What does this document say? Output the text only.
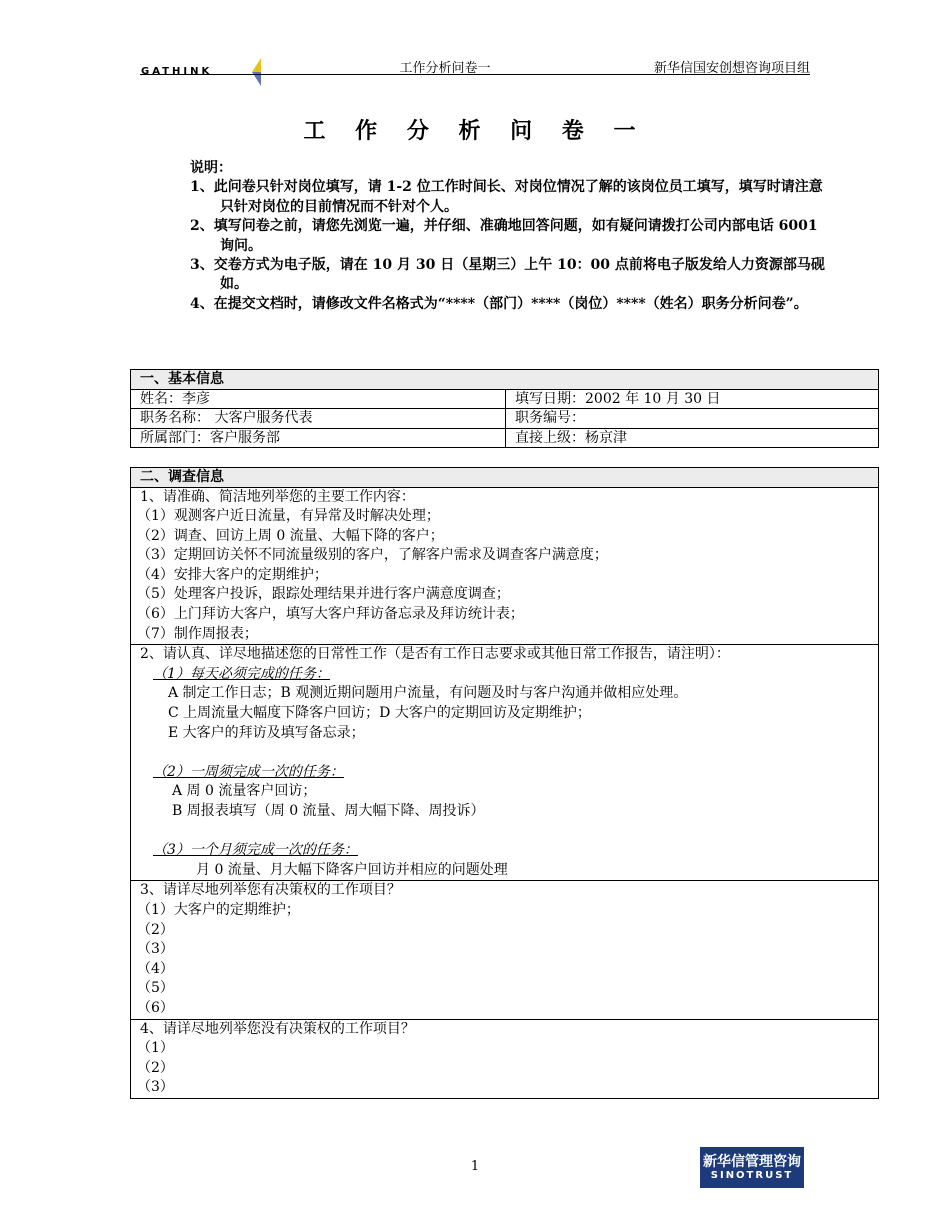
GATHINK	工作分析问卷一	新华信国安创想咨询项目组
工 作 分 析 问 卷 一
说明：
1、此问卷只针对岗位填写，请 1-2 位工作时间长、对岗位情况了解的该岗位员工填写，填写时请注意只针对岗位的目前情况而不针对个人。
2、填写问卷之前，请您先浏览一遍，并仔细、准确地回答问题，如有疑问请拨打公司内部电话 6001 询问。
3、交卷方式为电子版，请在 10 月 30 日（星期三）上午 10：00 点前将电子版发给人力资源部马砚如。
4、在提交文档时，请修改文件名格式为“****（部门）****（岗位）****（姓名）职务分析问卷”。
一、基本信息	
姓名：李彦	填写日期：2002 年 10 月 30 日
职务名称： 大客户服务代表	职务编号：
所属部门：客户服务部	直接上级：杨京津
二、调查信息

1、请准确、简洁地列举您的主要工作内容：
（1）观测客户近日流量，有异常及时解决处理；
（2）调查、回访上周 0 流量、大幅下降的客户；
（3）定期回访关怀不同流量级别的客户，了解客户需求及调查客户满意度；
（4）安排大客户的定期维护；
（5）处理客户投诉，跟踪处理结果并进行客户满意度调查；
（6）上门拜访大客户，填写大客户拜访备忘录及拜访统计表；
（7）制作周报表；

2、请认真、详尽地描述您的日常性工作（是否有工作日志要求或其他日常工作报告，请注明）：
（1）每天必须完成的任务：
A 制定工作日志；B 观测近期问题用户流量，有问题及时与客户沟通并做相应处理。
C 上周流量大幅度下降客户回访；D 大客户的定期回访及定期维护；
E 大客户的拜访及填写备忘录；
（2）一周须完成一次的任务：
A 周 0 流量客户回访；
B 周报表填写（周 0 流量、周大幅下降、周投诉）
（3）一个月须完成一次的任务：
月 0 流量、月大幅下降客户回访并相应的问题处理

3、请详尽地列举您有决策权的工作项目？
（1）大客户的定期维护；
（2）
（3）
（4）
（5）
（6）

4、请详尽地列举您没有决策权的工作项目？
（1）
（2）
（3）
1	新华信管理咨询
SINOTRUST
